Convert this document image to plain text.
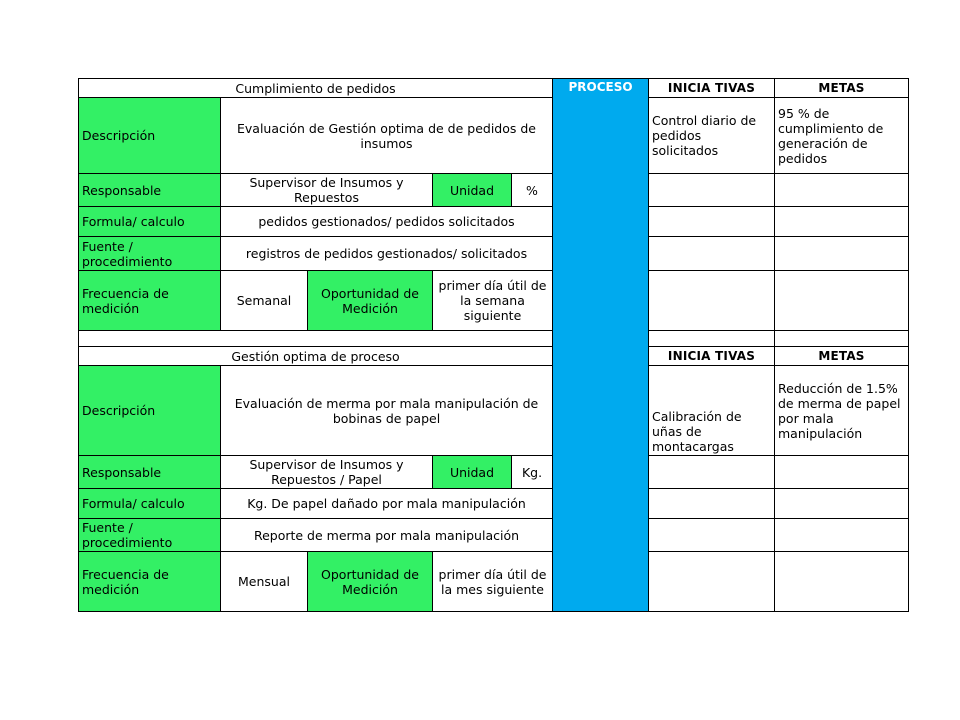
Cumplimiento de pedidos					PROCESO	INICIA TIVAS	METAS
Descripción	Evaluación de Gestión optima de de pedidos de insumos					Control diario de pedidos solicitados	95 % de cumplimiento de generación de pedidos
Responsable	Supervisor de Insumos y Repuestos		Unidad	%			
Formula/ calculo	pedidos gestionados/ pedidos solicitados						
Fuente / procedimiento	registros de pedidos gestionados/ solicitados						
Frecuencia de medición	Semanal	Oportunidad de Medición	primer día útil de la semana siguiente				

Gestión optima de proceso						INICIA TIVAS	METAS
Descripción	Evaluación de merma por mala manipulación de bobinas de papel					Calibración de uñas de montacargas	Reducción de 1.5% de merma de papel por mala manipulación
Responsable	Supervisor de Insumos y Repuestos / Papel		Unidad	Kg.			
Formula/ calculo	Kg. De papel dañado por mala manipulación						
Fuente / procedimiento	Reporte de merma por mala manipulación						
Frecuencia de medición	Mensual	Oportunidad de Medición	primer día útil de la mes siguiente				
